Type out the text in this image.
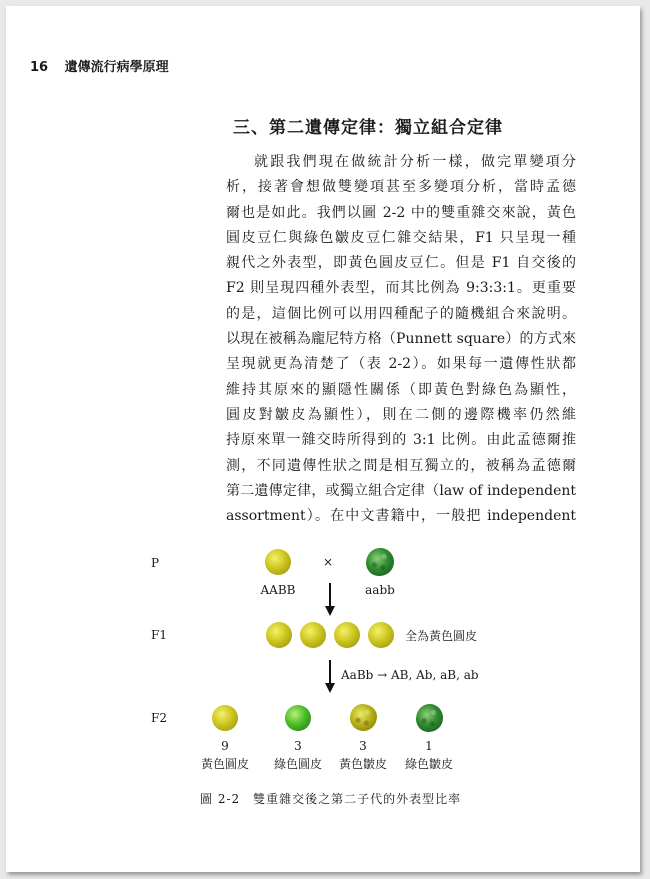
16 遺傳流行病學原理
三、第二遺傳定律：獨立組合定律
就跟我們現在做統計分析一樣，做完單變項分
析，接著會想做雙變項甚至多變項分析，當時孟德
爾也是如此。我們以圖 2-2 中的雙重雜交來說，黃色
圓皮豆仁與綠色皺皮豆仁雜交結果，F1 只呈現一種
親代之外表型，即黃色圓皮豆仁。但是 F1 自交後的
F2 則呈現四種外表型，而其比例為 9:3:3:1。更重要
的是，這個比例可以用四種配子的隨機組合來說明。
以現在被稱為龐尼特方格（Punnett square）的方式來
呈現就更為清楚了（表 2-2）。如果每一遺傳性狀都
維持其原來的顯隱性關係（即黃色對綠色為顯性，
圓皮對皺皮為顯性），則在二側的邊際機率仍然維
持原來單一雜交時所得到的 3:1 比例。由此孟德爾推
測，不同遺傳性狀之間是相互獨立的，被稱為孟德爾
第二遺傳定律，或獨立組合定律（law of independent
assortment）。在中文書籍中，一般把 independent
P	×
AABB	aabb
F1	全為黃色圓皮
AaBb → AB, Ab, aB, ab
F2
9	3	3	1
黃色圓皮	綠色圓皮	黃色皺皮	綠色皺皮
圖 2-2　雙重雜交後之第二子代的外表型比率
